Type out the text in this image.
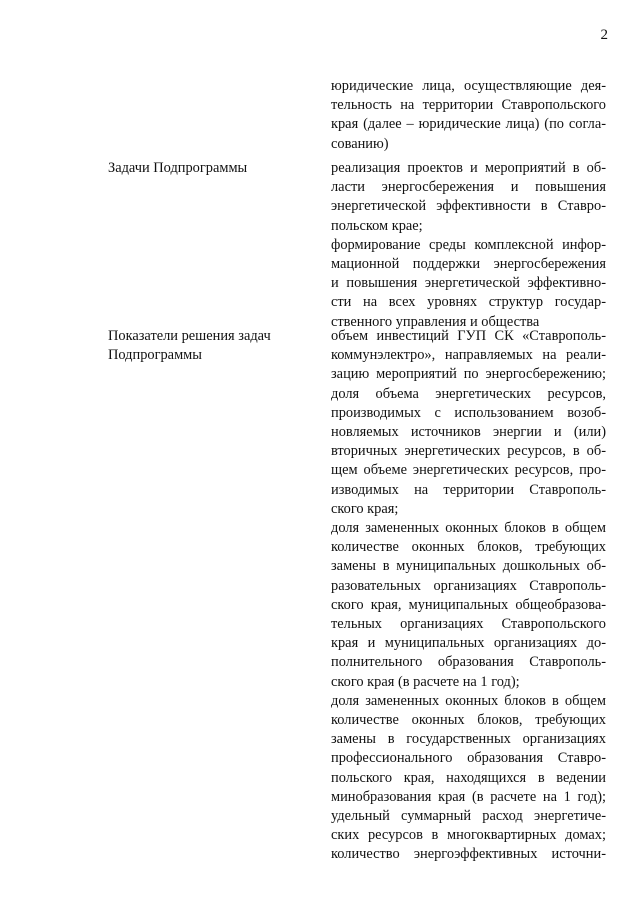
2
юридические лица, осуществляющие дея-
тельность на территории Ставропольского
края (далее – юридические лица) (по согла-
сованию)
Задачи Подпрограммы	реализация проектов и мероприятий в об-
ласти энергосбережения и повышения
энергетической эффективности в Ставро-
польском крае;
формирование среды комплексной инфор-
мационной поддержки энергосбережения
и повышения энергетической эффективно-
сти на всех уровнях структур государ-
ственного управления и общества
Показатели решения задач
Подпрограммы
объем инвестиций ГУП СК «Ставрополь-
коммунэлектро», направляемых на реали-
зацию мероприятий по энергосбережению;
доля объема энергетических ресурсов,
производимых с использованием возоб-
новляемых источников энергии и (или)
вторичных энергетических ресурсов, в об-
щем объеме энергетических ресурсов, про-
изводимых на территории Ставрополь-
ского края;
доля замененных оконных блоков в общем
количестве оконных блоков, требующих
замены в муниципальных дошкольных об-
разовательных организациях Ставрополь-
ского края, муниципальных общеобразова-
тельных организациях Ставропольского
края и муниципальных организациях до-
полнительного образования Ставрополь-
ского края (в расчете на 1 год);
доля замененных оконных блоков в общем
количестве оконных блоков, требующих
замены в государственных организациях
профессионального образования Ставро-
польского края, находящихся в ведении
минобразования края (в расчете на 1 год);
удельный суммарный расход энергетиче-
ских ресурсов в многоквартирных домах;
количество энергоэффективных источни-
